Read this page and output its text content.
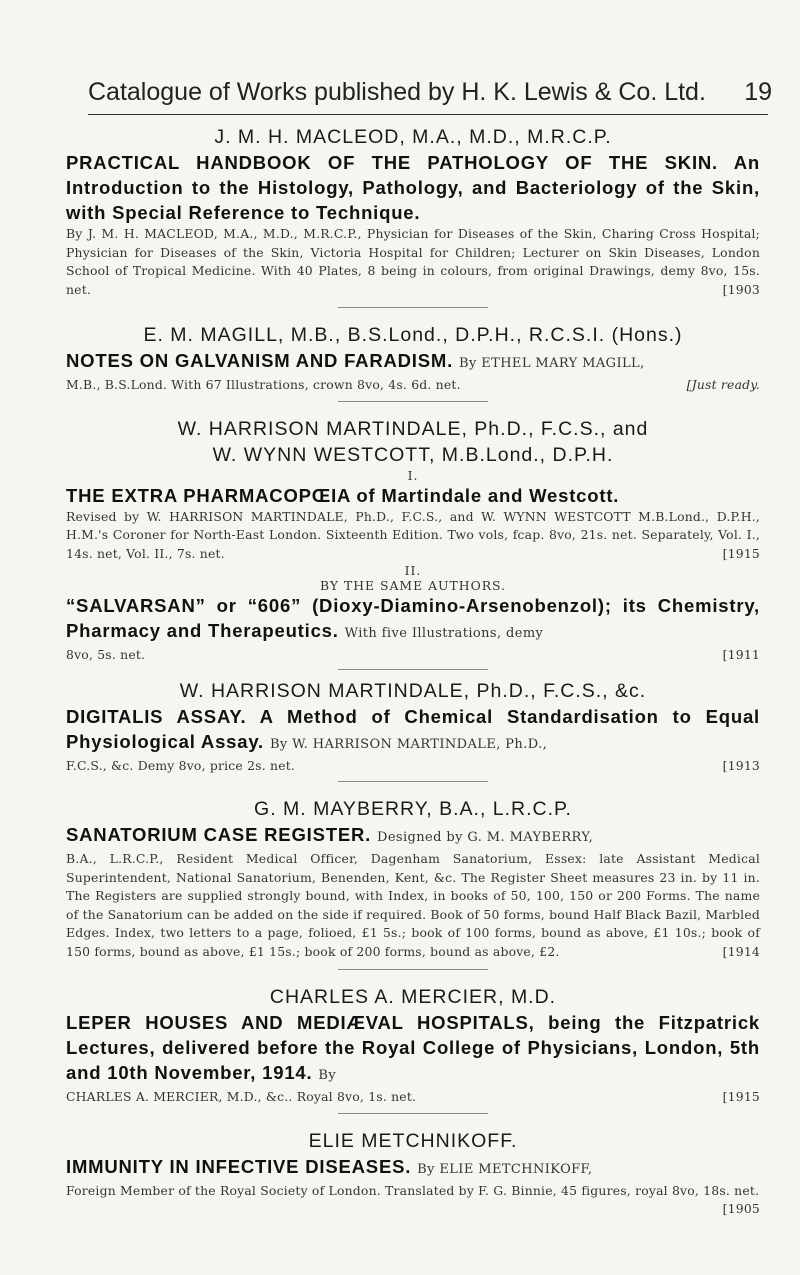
Catalogue of Works published by H. K. Lewis & Co. Ltd. 19
J. M. H. MACLEOD, M.A., M.D., M.R.C.P.
PRACTICAL HANDBOOK OF THE PATHOLOGY OF THE SKIN. An Introduction to the Histology, Pathology, and Bacteriology of the Skin, with Special Reference to Technique.
By J. M. H. MACLEOD, M.A., M.D., M.R.C.P., Physician for Diseases of the Skin, Charing Cross Hospital; Physician for Diseases of the Skin, Victoria Hospital for Children; Lecturer on Skin Diseases, London School of Tropical Medicine. With 40 Plates, 8 being in colours, from original Drawings, demy 8vo, 15s. net.	[1903
E. M. MAGILL, M.B., B.S.Lond., D.P.H., R.C.S.I. (Hons.)
NOTES ON GALVANISM AND FARADISM. By ETHEL MARY MAGILL,
M.B., B.S.Lond. With 67 Illustrations, crown 8vo, 4s. 6d. net.	[Just ready.
W. HARRISON MARTINDALE, Ph.D., F.C.S., and
W. WYNN WESTCOTT, M.B.Lond., D.P.H.
I.
THE EXTRA PHARMACOPŒIA of Martindale and Westcott.
Revised by W. HARRISON MARTINDALE, Ph.D., F.C.S., and W. WYNN WESTCOTT M.B.Lond., D.P.H., H.M.'s Coroner for North-East London. Sixteenth Edition. Two vols, fcap. 8vo, 21s. net. Separately, Vol. I., 14s. net, Vol. II., 7s. net.	[1915
II.
BY THE SAME AUTHORS.
“SALVARSAN” or “606” (Dioxy-Diamino-Arsenobenzol); its Chemistry, Pharmacy and Therapeutics. With five Illustrations, demy
8vo, 5s. net.	[1911
W. HARRISON MARTINDALE, Ph.D., F.C.S., &c.
DIGITALIS ASSAY. A Method of Chemical Standardisation to Equal Physiological Assay. By W. HARRISON MARTINDALE, Ph.D.,
F.C.S., &c. Demy 8vo, price 2s. net.	[1913
G. M. MAYBERRY, B.A., L.R.C.P.
SANATORIUM CASE REGISTER. Designed by G. M. MAYBERRY,
B.A., L.R.C.P., Resident Medical Officer, Dagenham Sanatorium, Essex: late Assistant Medical Superintendent, National Sanatorium, Benenden, Kent, &c. The Register Sheet measures 23 in. by 11 in. The Registers are supplied strongly bound, with Index, in books of 50, 100, 150 or 200 Forms. The name of the Sanatorium can be added on the side if required. Book of 50 forms, bound Half Black Bazil, Marbled Edges. Index, two letters to a page, folioed, £1 5s.; book of 100 forms, bound as above, £1 10s.; book of 150 forms, bound as above, £1 15s.; book of 200 forms, bound as above, £2.	[1914
CHARLES A. MERCIER, M.D.
LEPER HOUSES AND MEDIÆVAL HOSPITALS, being the Fitzpatrick Lectures, delivered before the Royal College of Physicians, London, 5th and 10th November, 1914. By
CHARLES A. MERCIER, M.D., &c.. Royal 8vo, 1s. net.	[1915
ELIE METCHNIKOFF.
IMMUNITY IN INFECTIVE DISEASES. By ELIE METCHNIKOFF,
Foreign Member of the Royal Society of London. Translated by F. G. Binnie, 45 figures, royal 8vo, 18s. net.
[1905
